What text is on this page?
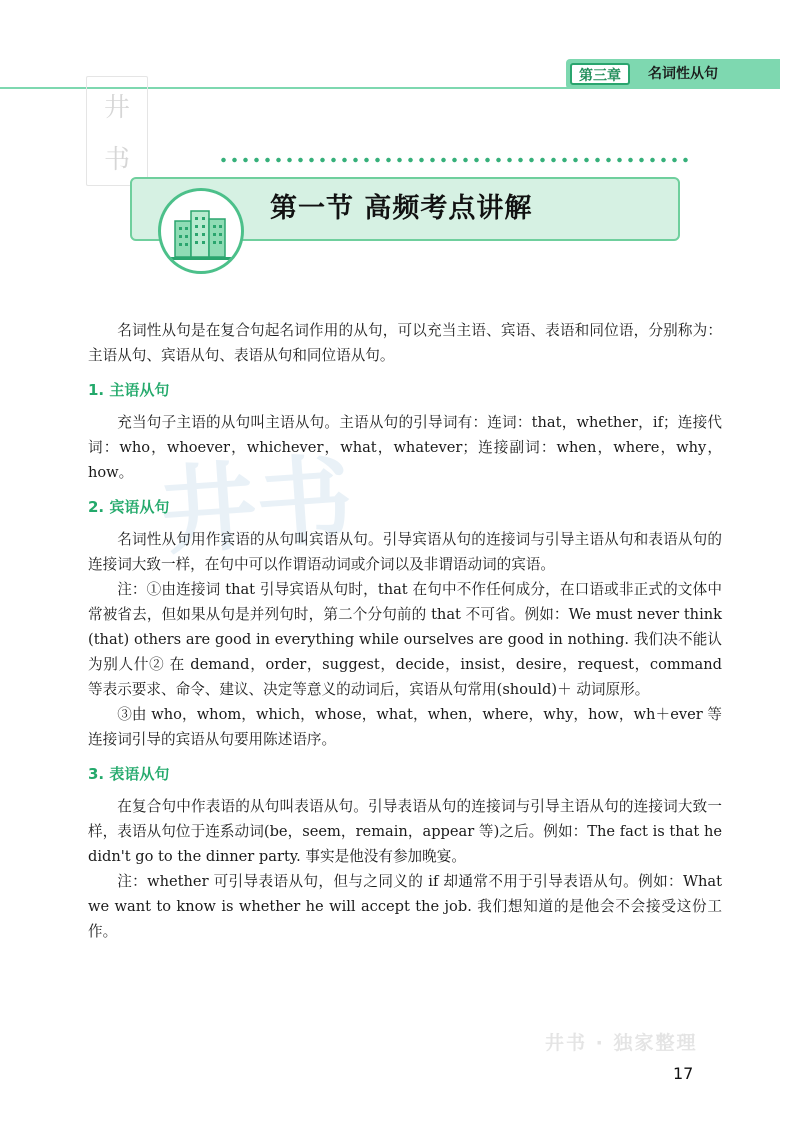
第三章	名词性从句
井
书
井书
第一节 高频考点讲解

名词性从句是在复合句起名词作用的从句，可以充当主语、宾语、表语和同位语，分别称为：主语从句、宾语从句、表语从句和同位语从句。

1. 主语从句

充当句子主语的从句叫主语从句。主语从句的引导词有：连词：that，whether，if；连接代词：who，whoever，whichever，what，whatever；连接副词：when，where，why，how。

2. 宾语从句

名词性从句用作宾语的从句叫宾语从句。引导宾语从句的连接词与引导主语从句和表语从句的连接词大致一样，在句中可以作谓语动词或介词以及非谓语动词的宾语。

注：①由连接词 that 引导宾语从句时，that 在句中不作任何成分，在口语或非正式的文体中常被省去，但如果从句是并列句时，第二个分句前的 that 不可省。例如：We must never think (that) others are good in everything while ourselves are good in nothing. 我们决不能认为别人什② 在 demand，order，suggest，decide，insist，desire，request，command 等表示要求、命令、建议、决定等意义的动词后，宾语从句常用(should)＋ 动词原形。

③由 who，whom，which，whose，what，when，where，why，how，wh＋ever 等连接词引导的宾语从句要用陈述语序。

3. 表语从句

在复合句中作表语的从句叫表语从句。引导表语从句的连接词与引导主语从句的连接词大致一样，表语从句位于连系动词(be，seem，remain，appear 等)之后。例如：The fact is that he didn't go to the dinner party. 事实是他没有参加晚宴。

注：whether 可引导表语从句，但与之同义的 if 却通常不用于引导表语从句。例如：What we want to know is whether he will accept the job. 我们想知道的是他会不会接受这份工作。

井书 · 独家整理
17
